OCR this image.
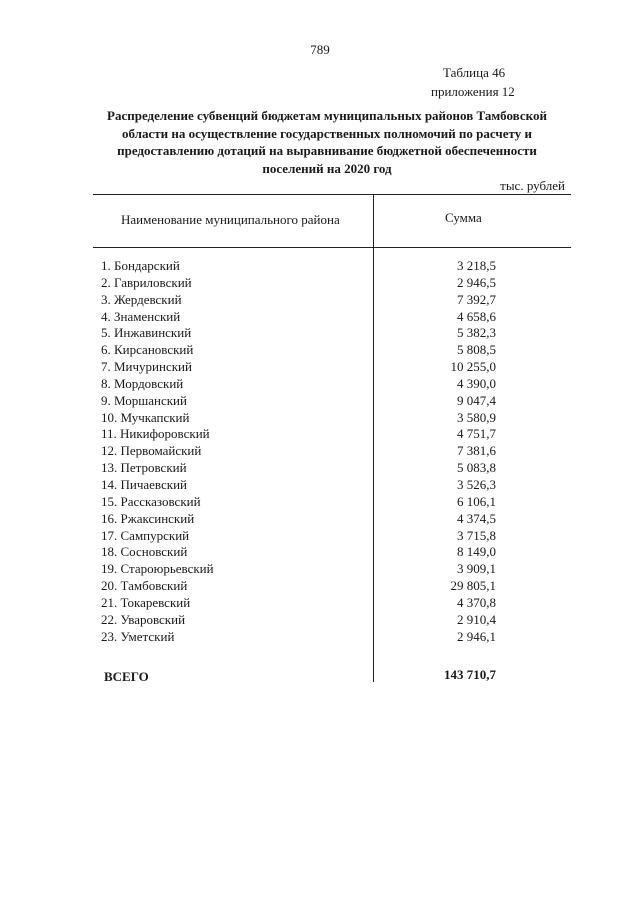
789
Таблица 46
приложения 12
Распределение субвенций бюджетам муниципальных районов Тамбовской
области на осуществление государственных полномочий по расчету и
предоставлению дотаций на выравнивание бюджетной обеспеченности
поселений на 2020 год
тыс. рублей
Наименование муниципального района	Сумма
1. Бондарский	3 218,5
2. Гавриловский	2 946,5
3. Жердевский	7 392,7
4. Знаменский	4 658,6
5. Инжавинский	5 382,3
6. Кирсановский	5 808,5
7. Мичуринский	10 255,0
8. Мордовский	4 390,0
9. Моршанский	9 047,4
10. Мучкапский	3 580,9
11. Никифоровский	4 751,7
12. Первомайский	7 381,6
13. Петровский	5 083,8
14. Пичаевский	3 526,3
15. Рассказовский	6 106,1
16. Ржаксинский	4 374,5
17. Сампурский	3 715,8
18. Сосновский	8 149,0
19. Староюрьевский	3 909,1
20. Тамбовский	29 805,1
21. Токаревский	4 370,8
22. Уваровский	2 910,4
23. Уметский	2 946,1
ВСЕГО	143 710,7
